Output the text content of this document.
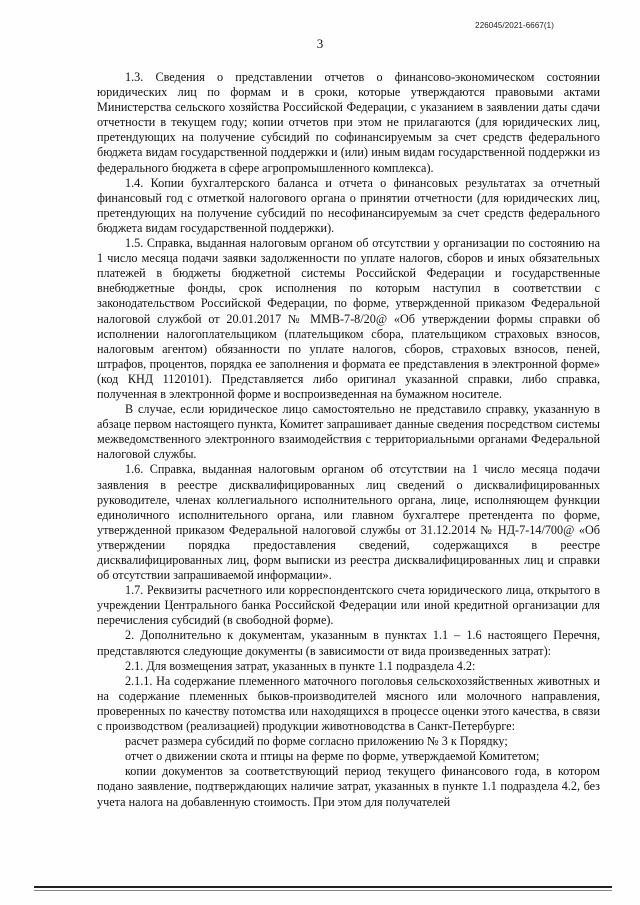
226045/2021-6667(1)
3

1.3. Сведения о представлении отчетов о финансово-экономическом состоянии юридических лиц по формам и в сроки, которые утверждаются правовыми актами Министерства сельского хозяйства Российской Федерации, с указанием в заявлении даты сдачи отчетности в текущем году; копии отчетов при этом не прилагаются (для юридических лиц, претендующих на получение субсидий по софинансируемым за счет средств федерального бюджета видам государственной поддержки и (или) иным видам государственной поддержки из федерального бюджета в сфере агропромышленного комплекса).

1.4. Копии бухгалтерского баланса и отчета о финансовых результатах за отчетный финансовый год с отметкой налогового органа о принятии отчетности (для юридических лиц, претендующих на получение субсидий по несофинансируемым за счет средств федерального бюджета видам государственной поддержки).

1.5. Справка, выданная налоговым органом об отсутствии у организации по состоянию на 1 число месяца подачи заявки задолженности по уплате налогов, сборов и иных обязательных платежей в бюджеты бюджетной системы Российской Федерации и государственные внебюджетные фонды, срок исполнения по которым наступил в соответствии с законодательством Российской Федерации, по форме, утвержденной приказом Федеральной налоговой службой от 20.01.2017 № ММВ-7-8/20@ «Об утверждении формы справки об исполнении налогоплательщиком (плательщиком сбора, плательщиком страховых взносов, налоговым агентом) обязанности по уплате налогов, сборов, страховых взносов, пеней, штрафов, процентов, порядка ее заполнения и формата ее представления в электронной форме» (код КНД 1120101). Представляется либо оригинал указанной справки, либо справка, полученная в электронной форме и воспроизведенная на бумажном носителе.

В случае, если юридическое лицо самостоятельно не представило справку, указанную в абзаце первом настоящего пункта, Комитет запрашивает данные сведения посредством системы межведомственного электронного взаимодействия с территориальными органами Федеральной налоговой службы.

1.6. Справка, выданная налоговым органом об отсутствии на 1 число месяца подачи заявления в реестре дисквалифицированных лиц сведений о дисквалифицированных руководителе, членах коллегиального исполнительного органа, лице, исполняющем функции единоличного исполнительного органа, или главном бухгалтере претендента по форме, утвержденной приказом Федеральной налоговой службы от 31.12.2014 № НД-7-14/700@ «Об утверждении порядка предоставления сведений, содержащихся в реестре дисквалифицированных лиц, форм выписки из реестра дисквалифицированных лиц и справки об отсутствии запрашиваемой информации».

1.7. Реквизиты расчетного или корреспондентского счета юридического лица, открытого в учреждении Центрального банка Российской Федерации или иной кредитной организации для перечисления субсидий (в свободной форме).

2. Дополнительно к документам, указанным в пунктах 1.1 – 1.6 настоящего Перечня, представляются следующие документы (в зависимости от вида произведенных затрат):

2.1. Для возмещения затрат, указанных в пункте 1.1 подраздела 4.2:

2.1.1. На содержание племенного маточного поголовья сельскохозяйственных животных и на содержание племенных быков-производителей мясного или молочного направления, проверенных по качеству потомства или находящихся в процессе оценки этого качества, в связи с производством (реализацией) продукции животноводства в Санкт-Петербурге:

расчет размера субсидий по форме согласно приложению № 3 к Порядку;

отчет о движении скота и птицы на ферме по форме, утверждаемой Комитетом;

копии документов за соответствующий период текущего финансового года, в котором подано заявление, подтверждающих наличие затрат, указанных в пункте 1.1 подраздела 4.2, без учета налога на добавленную стоимость. При этом для получателей
